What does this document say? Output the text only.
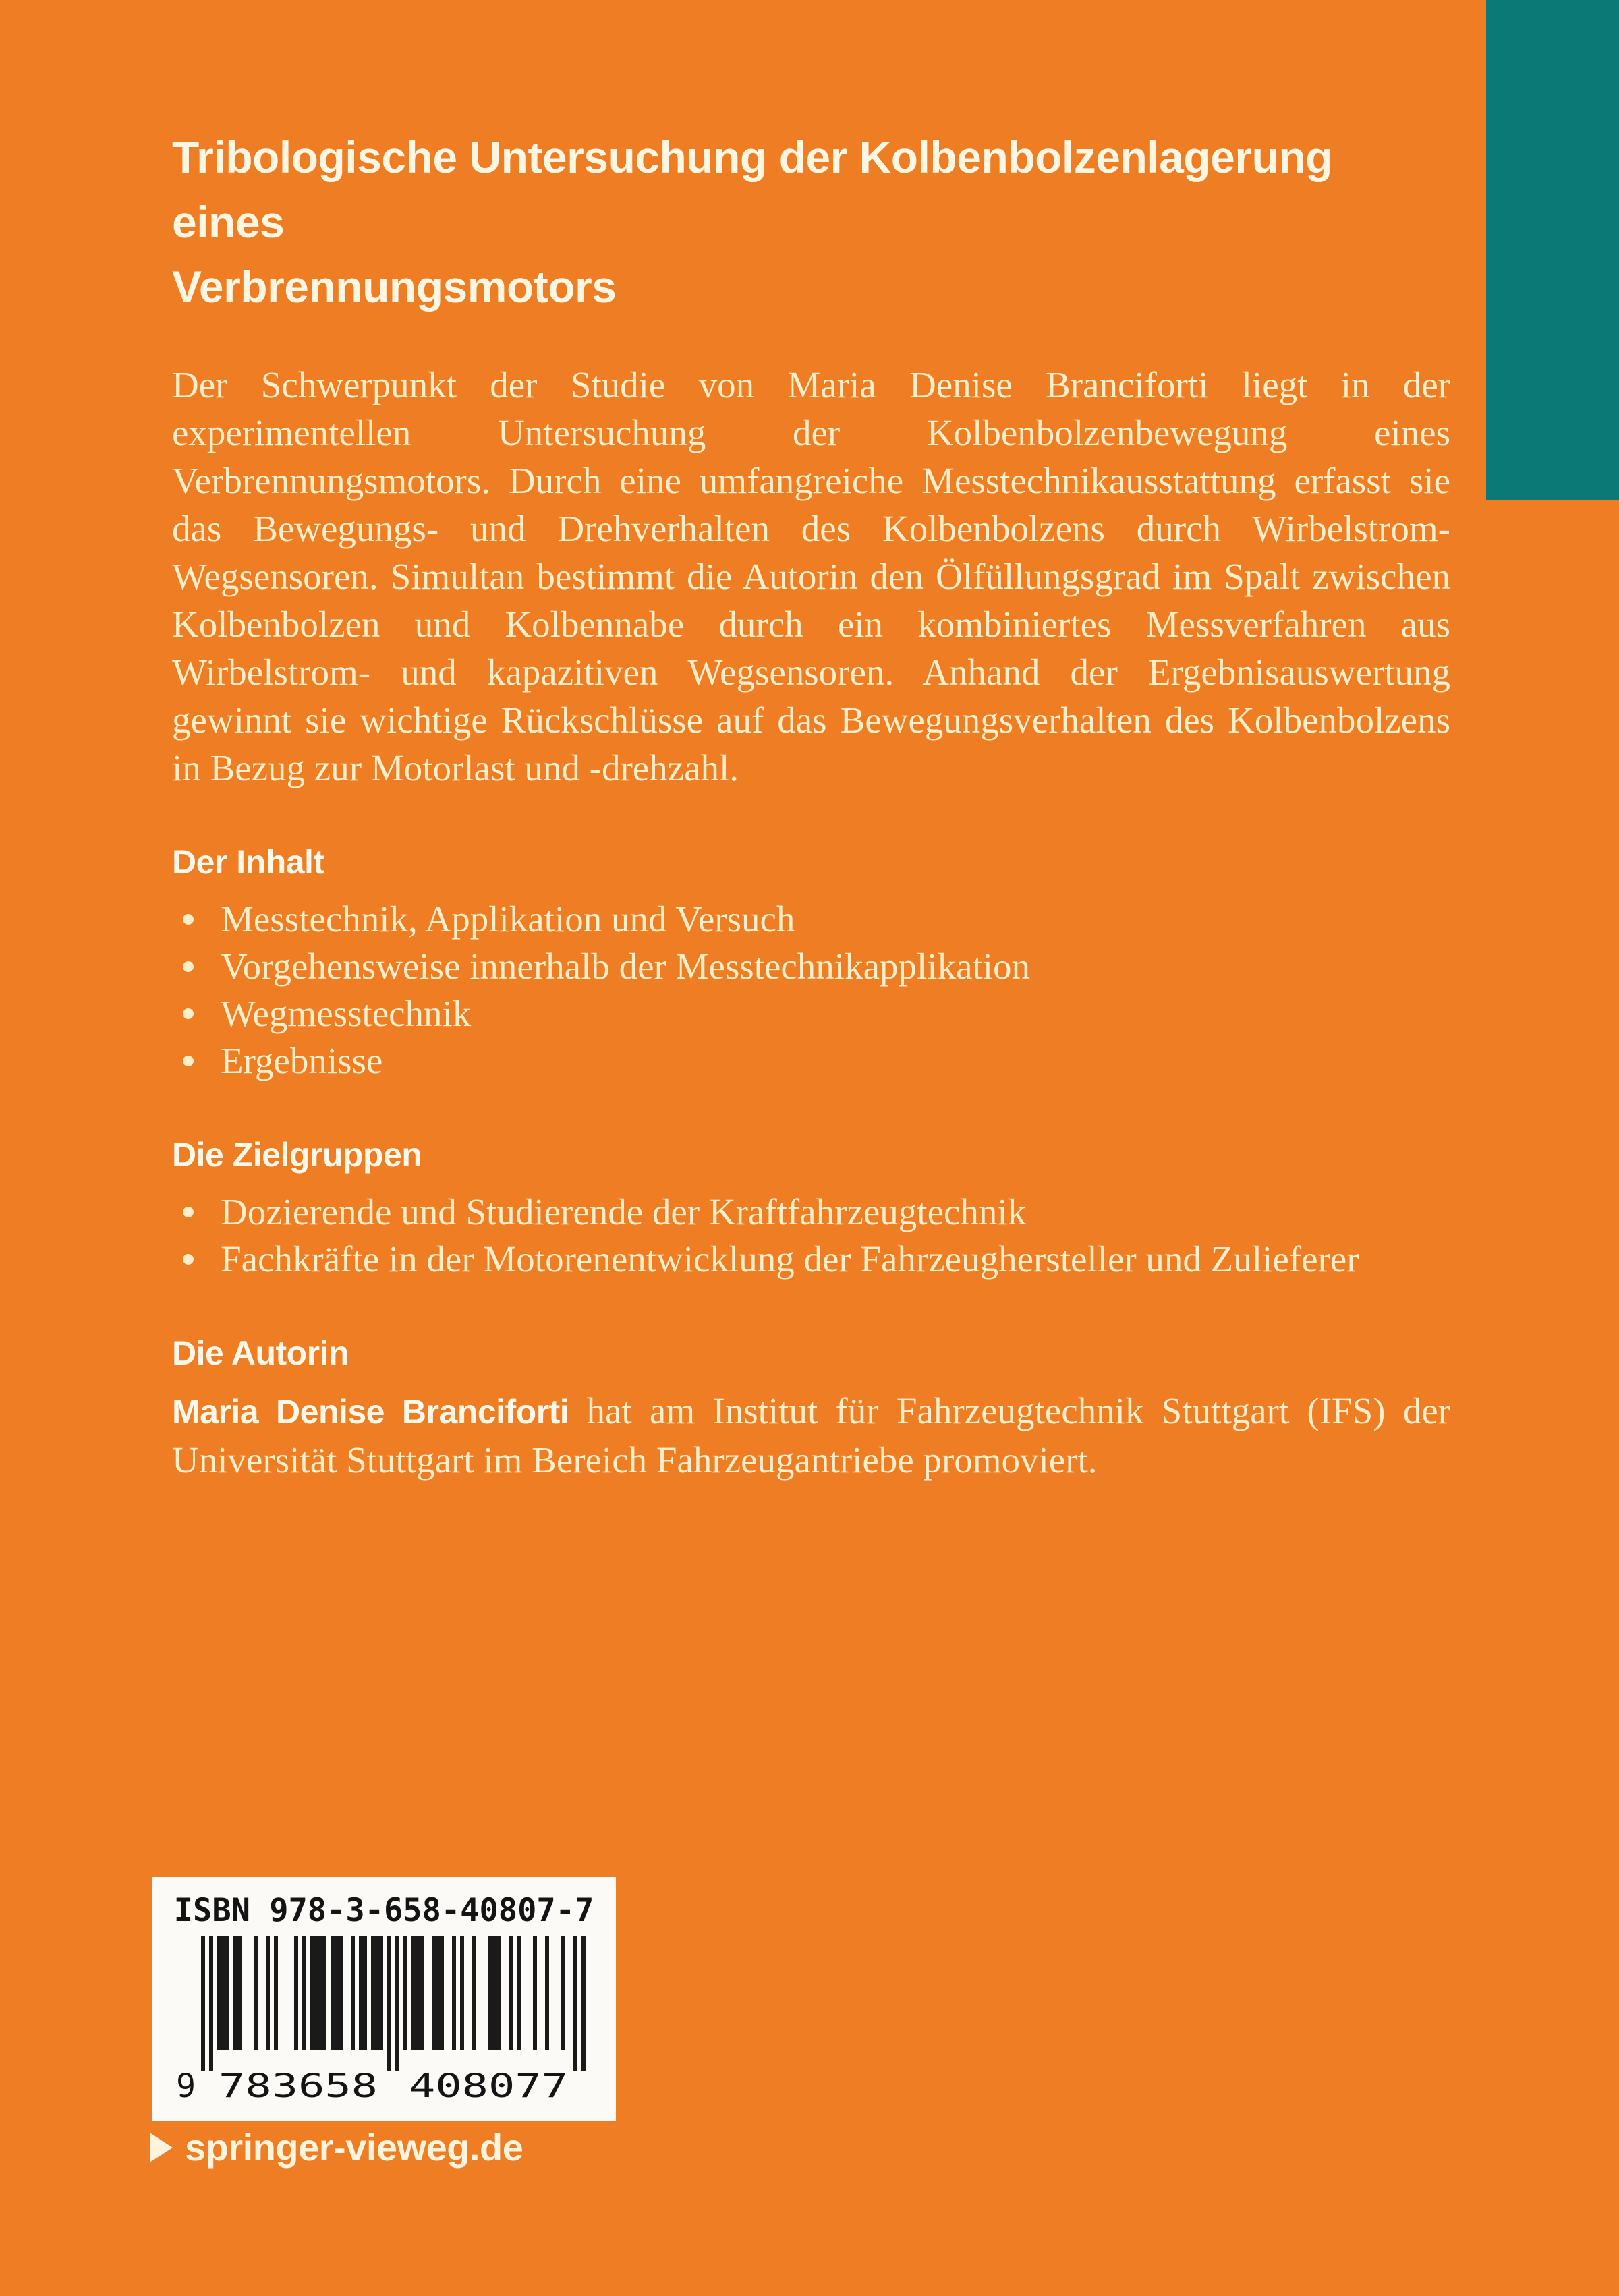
Tribologische Untersuchung der Kolbenbolzenlagerung eines
Verbrennungsmotors
Der Schwerpunkt der Studie von Maria Denise Branciforti liegt in der experimentellen Untersuchung der Kolbenbolzenbewegung eines Verbrennungsmotors. Durch eine umfangreiche Messtechnikausstattung erfasst sie das Bewegungs- und Drehverhalten des Kolbenbolzens durch Wirbelstrom-Wegsensoren. Simultan bestimmt die Autorin den Ölfüllungsgrad im Spalt zwischen Kolbenbolzen und Kolbennabe durch ein kombiniertes Messverfahren aus Wirbelstrom- und kapazitiven Wegsensoren. Anhand der Ergebnisauswertung gewinnt sie wichtige Rückschlüsse auf das Bewegungsverhalten des Kolbenbolzens in Bezug zur Motorlast und -drehzahl.
Der Inhalt
Messtechnik, Applikation und Versuch
Vorgehensweise innerhalb der Messtechnikapplikation
Wegmesstechnik
Ergebnisse
Die Zielgruppen
Dozierende und Studierende der Kraftfahrzeugtechnik
Fachkräfte in der Motorenentwicklung der Fahrzeughersteller und Zulieferer
Die Autorin
Maria Denise Branciforti hat am Institut für Fahrzeugtechnik Stuttgart (IFS) der Universität Stuttgart im Bereich Fahrzeugantriebe promoviert.
ISBN 978-3-658-40807-7
9 783658 408077
springer-vieweg.de
